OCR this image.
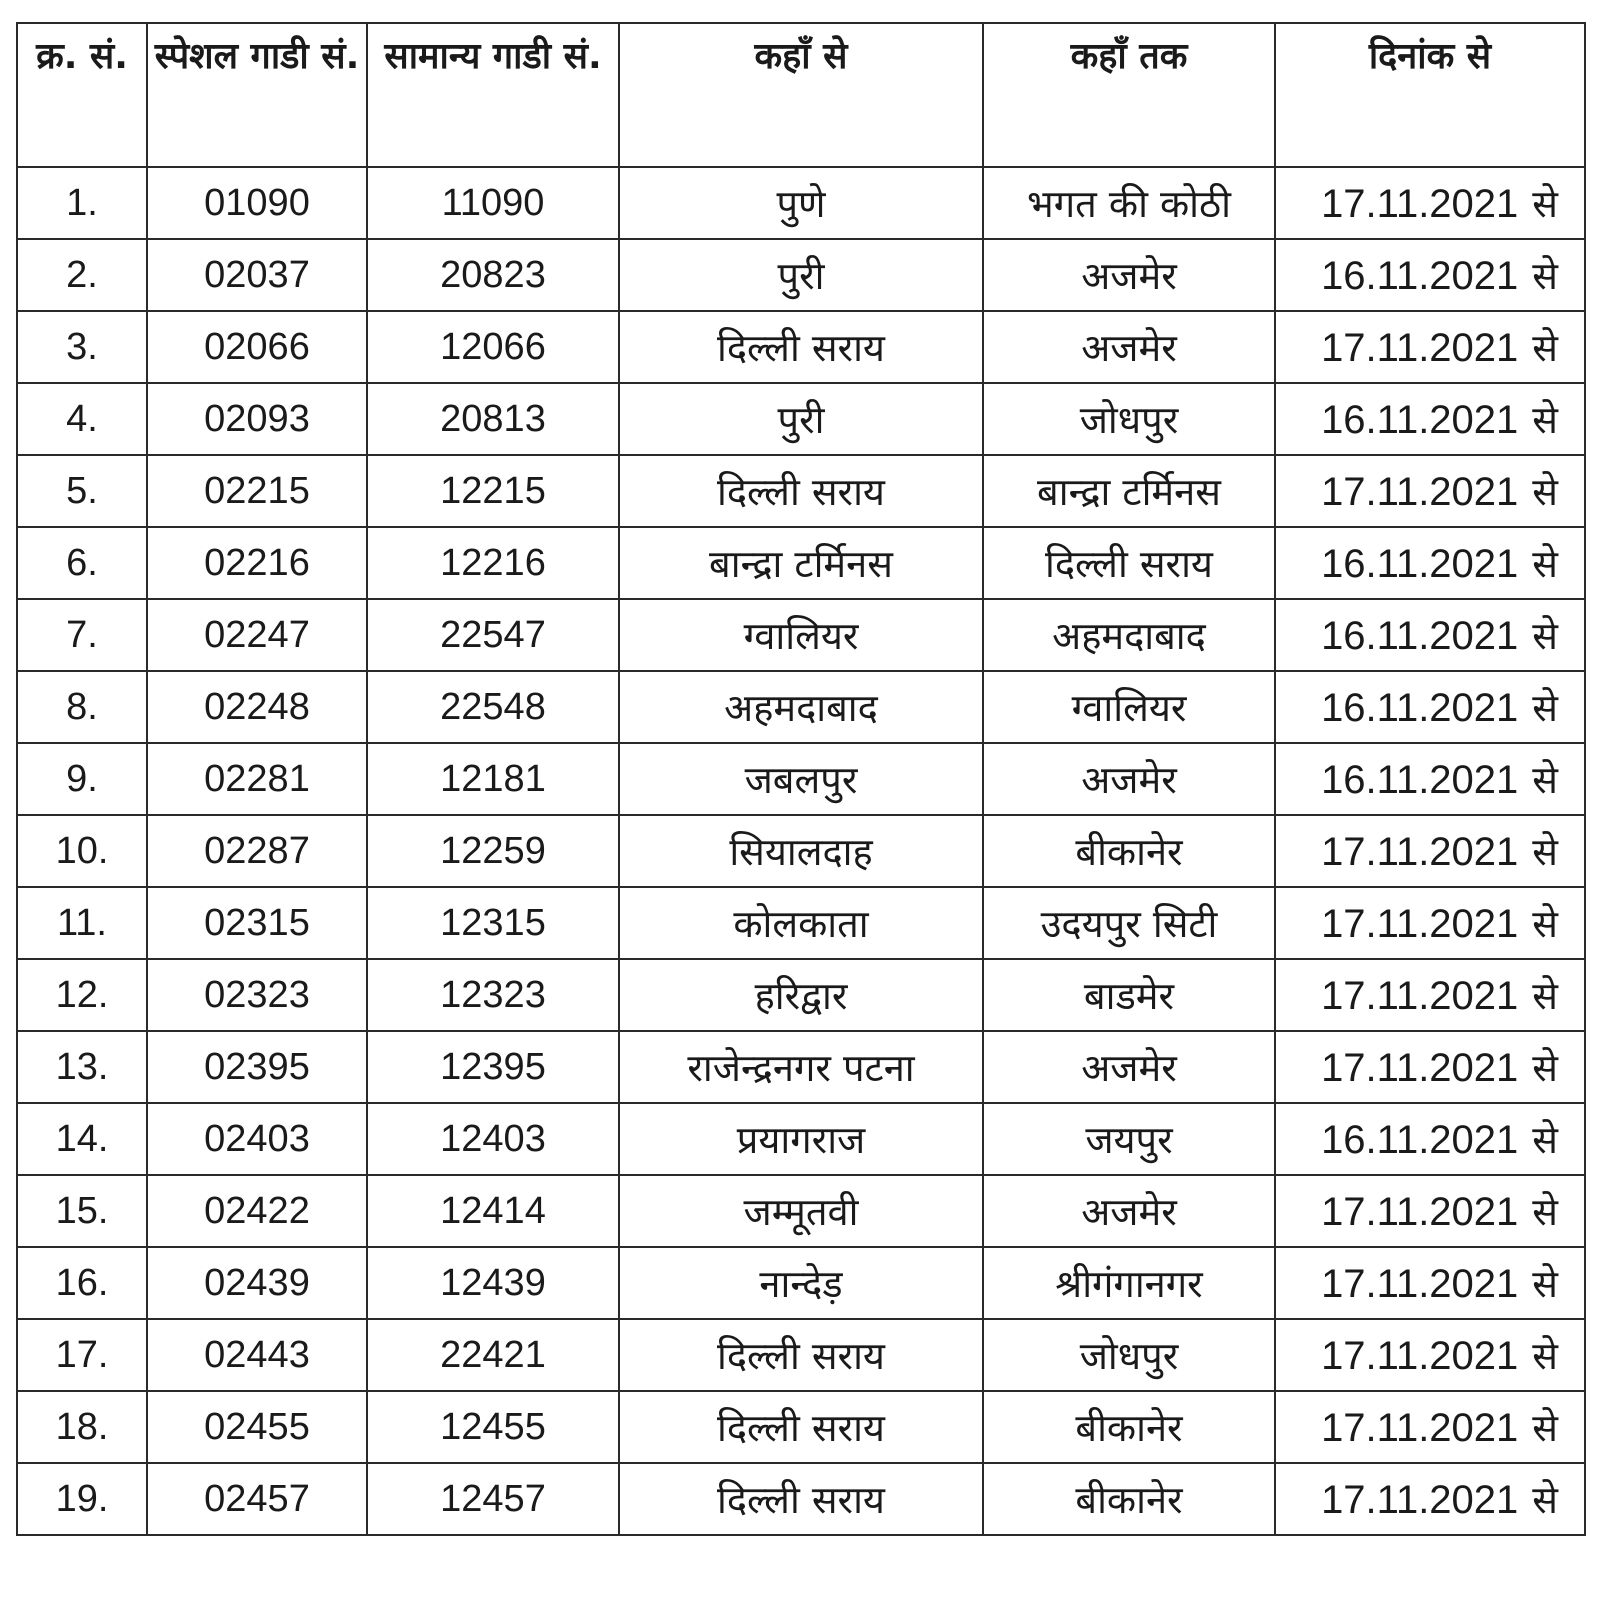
क्र. सं.	स्पेशल गाडी सं.	सामान्य गाडी सं.	कहाँ से	कहाँ तक	दिनांक से
1.	01090	11090	पुणे	भगत की कोठी	17.11.2021 से
2.	02037	20823	पुरी	अजमेर	16.11.2021 से
3.	02066	12066	दिल्ली सराय	अजमेर	17.11.2021 से
4.	02093	20813	पुरी	जोधपुर	16.11.2021 से
5.	02215	12215	दिल्ली सराय	बान्द्रा टर्मिनस	17.11.2021 से
6.	02216	12216	बान्द्रा टर्मिनस	दिल्ली सराय	16.11.2021 से
7.	02247	22547	ग्वालियर	अहमदाबाद	16.11.2021 से
8.	02248	22548	अहमदाबाद	ग्वालियर	16.11.2021 से
9.	02281	12181	जबलपुर	अजमेर	16.11.2021 से
10.	02287	12259	सियालदाह	बीकानेर	17.11.2021 से
11.	02315	12315	कोलकाता	उदयपुर सिटी	17.11.2021 से
12.	02323	12323	हरिद्वार	बाडमेर	17.11.2021 से
13.	02395	12395	राजेन्द्रनगर पटना	अजमेर	17.11.2021 से
14.	02403	12403	प्रयागराज	जयपुर	16.11.2021 से
15.	02422	12414	जम्मूतवी	अजमेर	17.11.2021 से
16.	02439	12439	नान्देड़	श्रीगंगानगर	17.11.2021 से
17.	02443	22421	दिल्ली सराय	जोधपुर	17.11.2021 से
18.	02455	12455	दिल्ली सराय	बीकानेर	17.11.2021 से
19.	02457	12457	दिल्ली सराय	बीकानेर	17.11.2021 से
